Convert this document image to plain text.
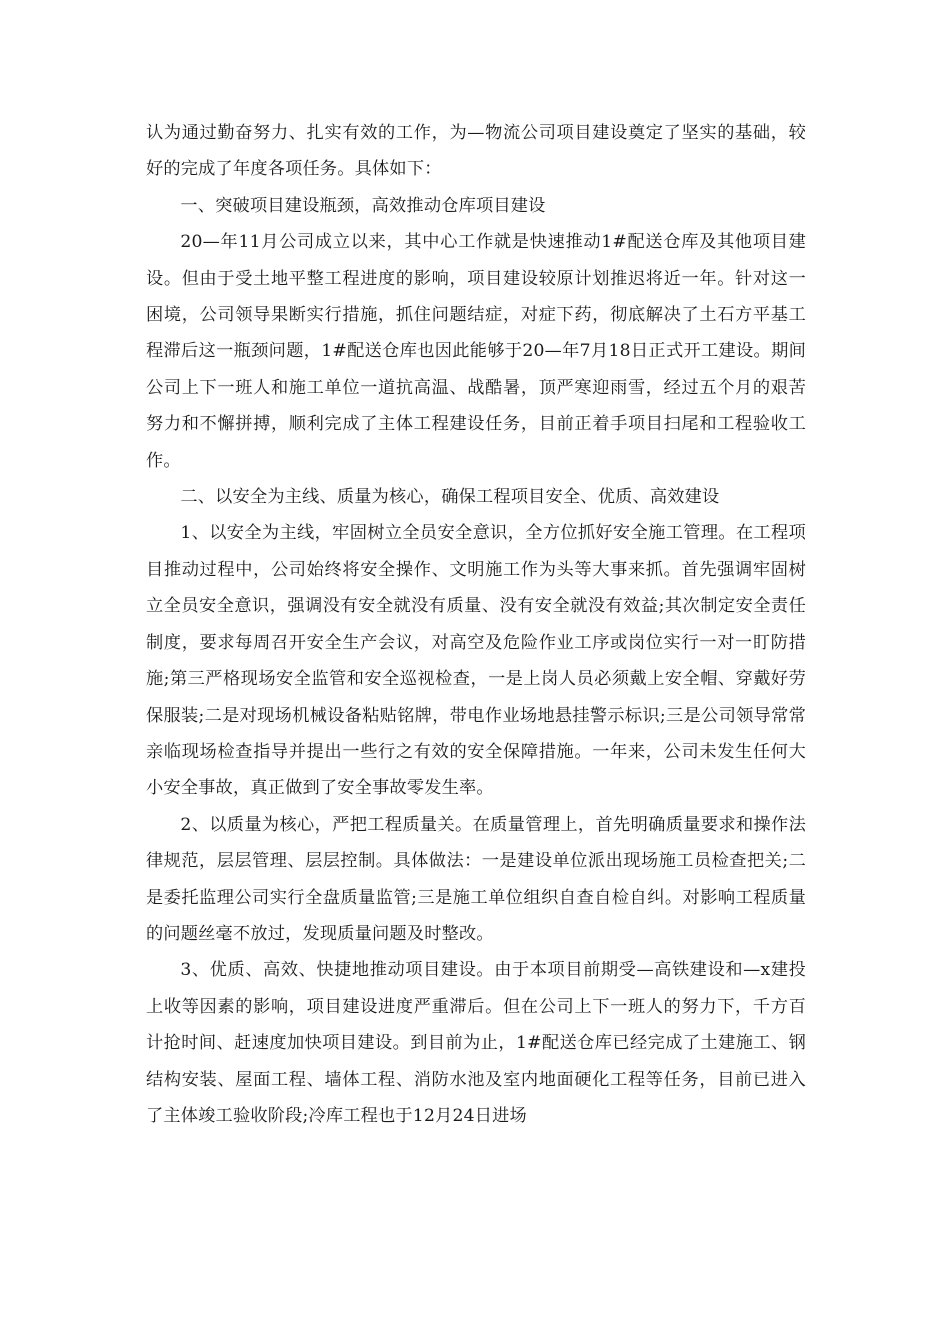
认为通过勤奋努力、扎实有效的工作，为—物流公司项目建设奠定了坚实的基础，较好的完成了年度各项任务。具体如下：

一、突破项目建设瓶颈，高效推动仓库项目建设

20—年11月公司成立以来，其中心工作就是快速推动1#配送仓库及其他项目建设。但由于受土地平整工程进度的影响，项目建设较原计划推迟将近一年。针对这一困境，公司领导果断实行措施，抓住问题结症，对症下药，彻底解决了土石方平基工程滞后这一瓶颈问题，1#配送仓库也因此能够于20—年7月18日正式开工建设。期间公司上下一班人和施工单位一道抗高温、战酷暑，顶严寒迎雨雪，经过五个月的艰苦努力和不懈拼搏，顺利完成了主体工程建设任务，目前正着手项目扫尾和工程验收工作。

二、以安全为主线、质量为核心，确保工程项目安全、优质、高效建设

1、以安全为主线，牢固树立全员安全意识，全方位抓好安全施工管理。在工程项目推动过程中，公司始终将安全操作、文明施工作为头等大事来抓。首先强调牢固树立全员安全意识，强调没有安全就没有质量、没有安全就没有效益;其次制定安全责任制度，要求每周召开安全生产会议，对高空及危险作业工序或岗位实行一对一盯防措施;第三严格现场安全监管和安全巡视检查，一是上岗人员必须戴上安全帽、穿戴好劳保服装;二是对现场机械设备粘贴铭牌，带电作业场地悬挂警示标识;三是公司领导常常亲临现场检查指导并提出一些行之有效的安全保障措施。一年来，公司未发生任何大小安全事故，真正做到了安全事故零发生率。

2、以质量为核心，严把工程质量关。在质量管理上，首先明确质量要求和操作法律规范，层层管理、层层控制。具体做法：一是建设单位派出现场施工员检查把关;二是委托监理公司实行全盘质量监管;三是施工单位组织自查自检自纠。对影响工程质量的问题丝毫不放过，发现质量问题及时整改。

3、优质、高效、快捷地推动项目建设。由于本项目前期受—高铁建设和—x建投上收等因素的影响，项目建设进度严重滞后。但在公司上下一班人的努力下，千方百计抢时间、赶速度加快项目建设。到目前为止，1#配送仓库已经完成了土建施工、钢结构安装、屋面工程、墙体工程、消防水池及室内地面硬化工程等任务，目前已进入了主体竣工验收阶段;冷库工程也于12月24日进场
